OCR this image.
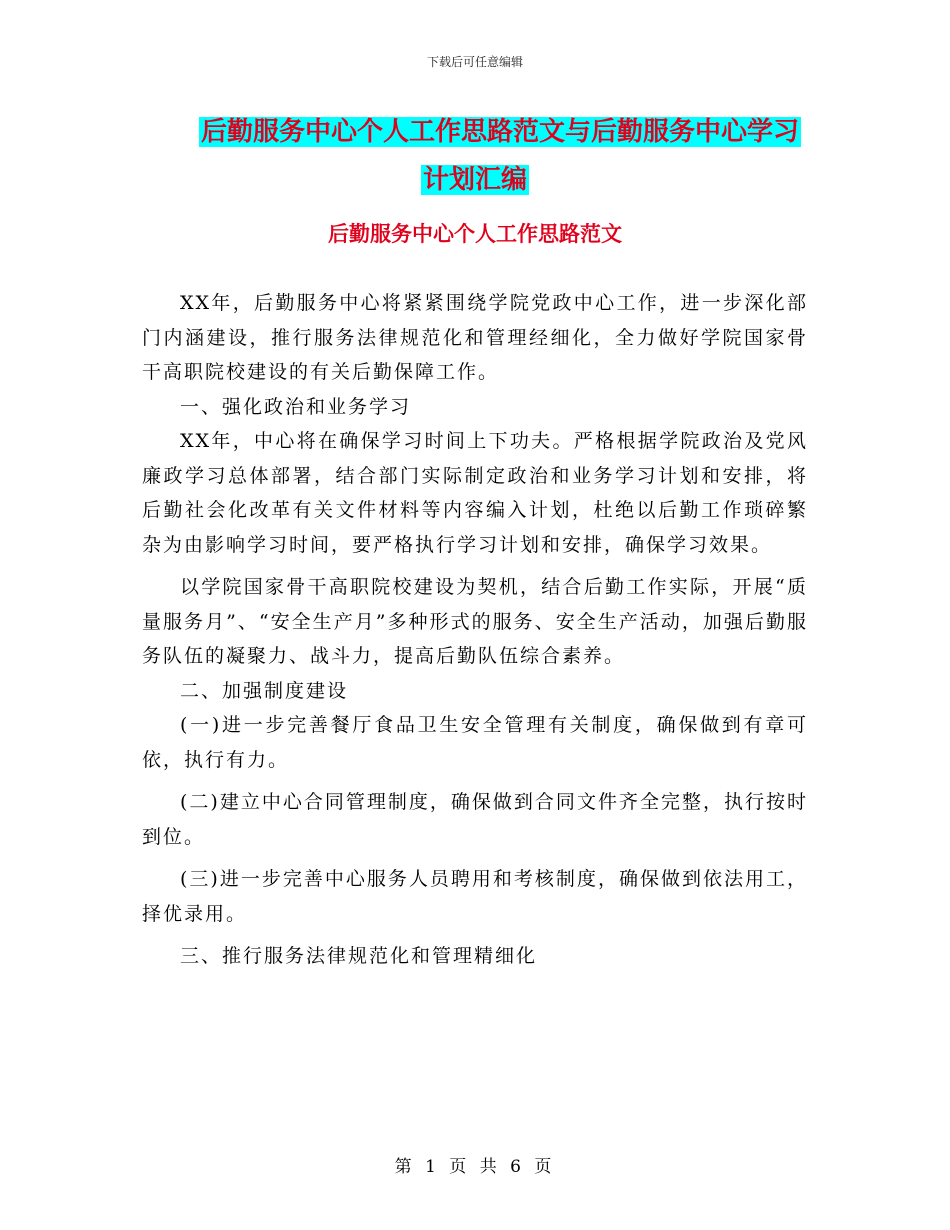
下载后可任意编辑
后勤服务中心个人工作思路范文与后勤服务中心学习
计划汇编
后勤服务中心个人工作思路范文

XX年，后勤服务中心将紧紧围绕学院党政中心工作，进一步深化部门内涵建设，推行服务法律规范化和管理经细化，全力做好学院国家骨干高职院校建设的有关后勤保障工作。

一、强化政治和业务学习

XX年，中心将在确保学习时间上下功夫。严格根据学院政治及党风廉政学习总体部署，结合部门实际制定政治和业务学习计划和安排，将后勤社会化改革有关文件材料等内容编入计划，杜绝以后勤工作琐碎繁杂为由影响学习时间，要严格执行学习计划和安排，确保学习效果。

以学院国家骨干高职院校建设为契机，结合后勤工作实际，开展“质量服务月”、“安全生产月”多种形式的服务、安全生产活动，加强后勤服务队伍的凝聚力、战斗力，提高后勤队伍综合素养。

二、加强制度建设

(一)进一步完善餐厅食品卫生安全管理有关制度，确保做到有章可依，执行有力。

(二)建立中心合同管理制度，确保做到合同文件齐全完整，执行按时到位。

(三)进一步完善中心服务人员聘用和考核制度，确保做到依法用工，择优录用。

三、推行服务法律规范化和管理精细化

第 1 页 共 6 页
